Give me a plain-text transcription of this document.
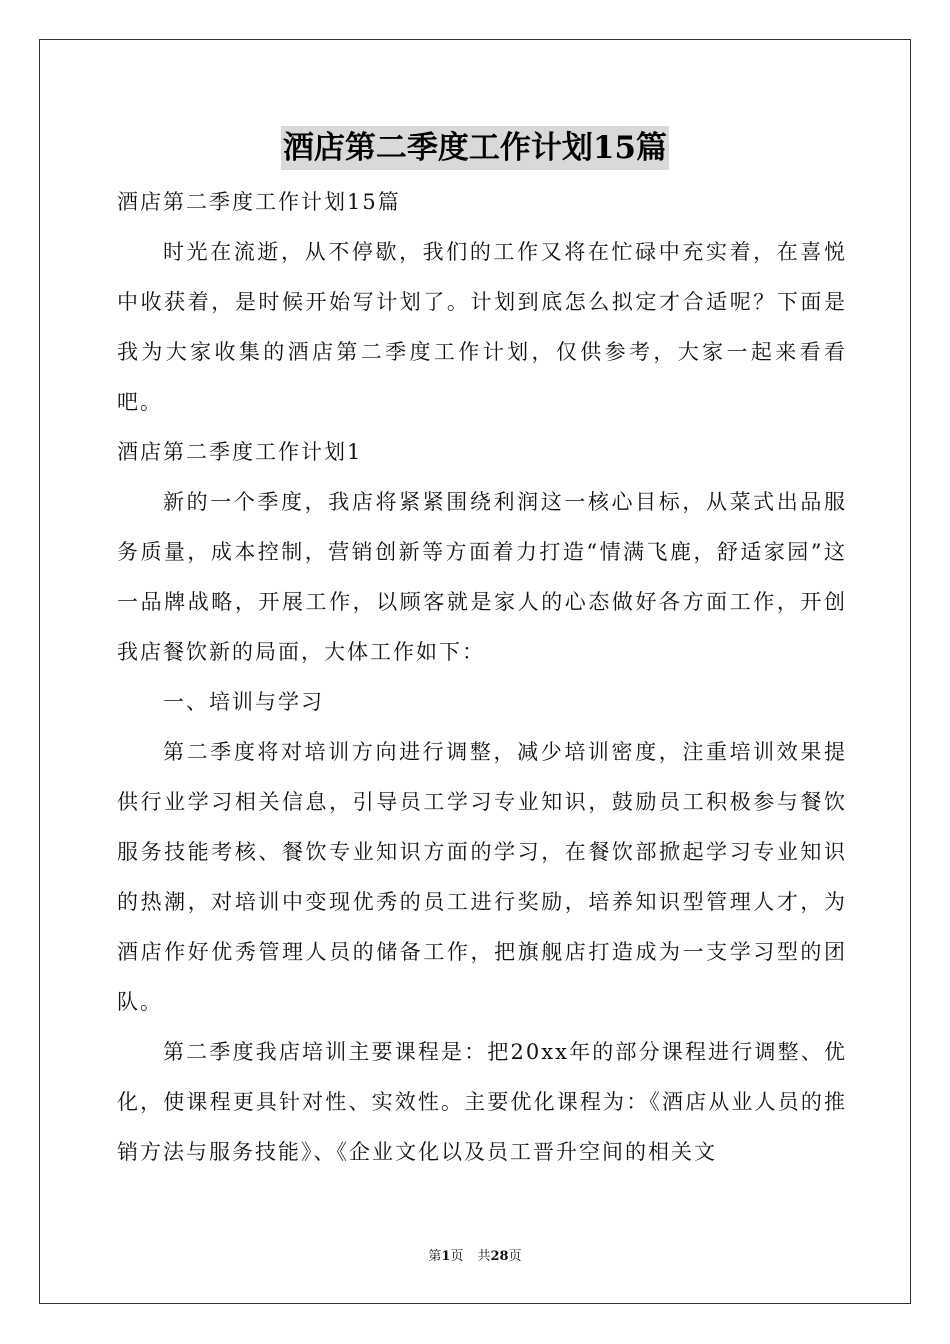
酒店第二季度工作计划15篇

酒店第二季度工作计划15篇

时光在流逝，从不停歇，我们的工作又将在忙碌中充实着，在喜悦中收获着，是时候开始写计划了。计划到底怎么拟定才合适呢？下面是我为大家收集的酒店第二季度工作计划，仅供参考，大家一起来看看吧。

酒店第二季度工作计划1

新的一个季度，我店将紧紧围绕利润这一核心目标，从菜式出品服务质量，成本控制，营销创新等方面着力打造“情满飞鹿，舒适家园”这一品牌战略，开展工作，以顾客就是家人的心态做好各方面工作，开创我店餐饮新的局面，大体工作如下：

一、培训与学习

第二季度将对培训方向进行调整，减少培训密度，注重培训效果提供行业学习相关信息，引导员工学习专业知识，鼓励员工积极参与餐饮服务技能考核、餐饮专业知识方面的学习，在餐饮部掀起学习专业知识的热潮，对培训中变现优秀的员工进行奖励，培养知识型管理人才，为酒店作好优秀管理人员的储备工作，把旗舰店打造成为一支学习型的团队。

第二季度我店培训主要课程是：把20xx年的部分课程进行调整、优化，使课程更具针对性、实效性。主要优化课程为：《酒店从业人员的推销方法与服务技能》、《企业文化以及员工晋升空间的相关文

第1页 共28页
